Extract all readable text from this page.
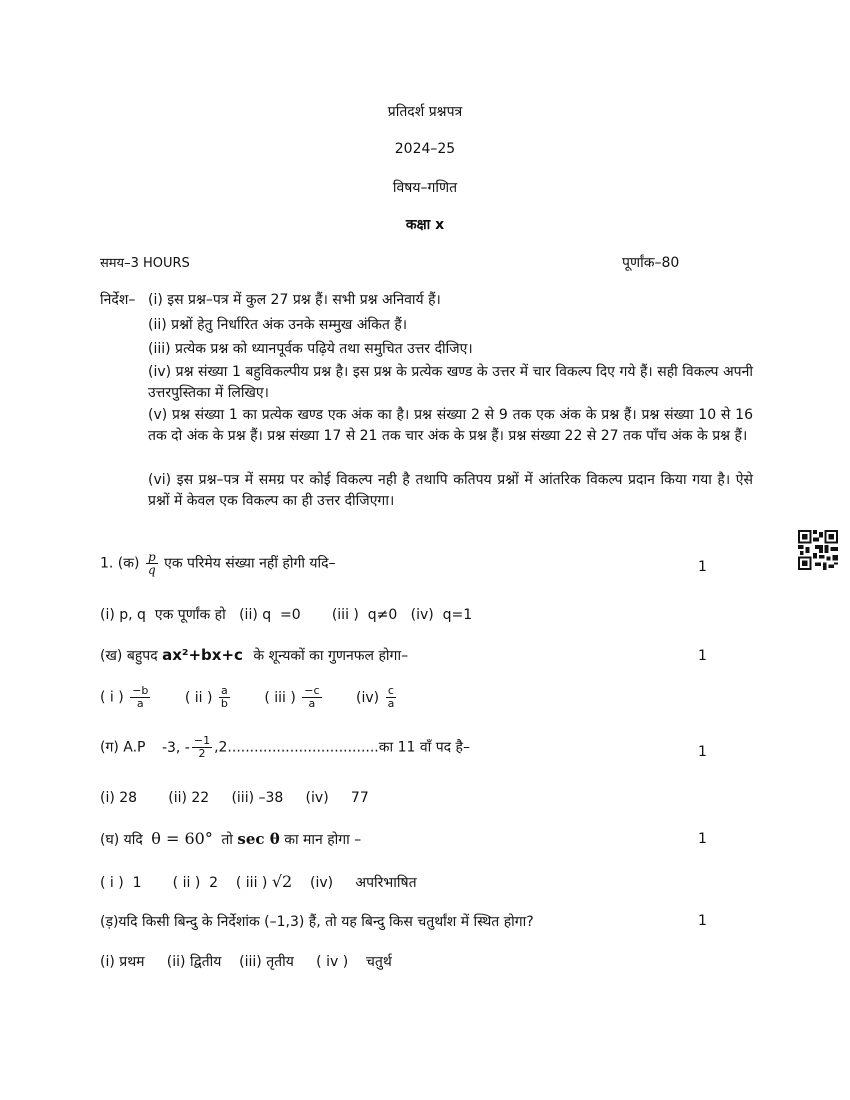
प्रतिदर्श प्रश्नपत्र
2024–25
विषय–गणित
कक्षा x
समय–3 HOURS	पूर्णांक–80
निर्देश– (i) इस प्रश्न–पत्र में कुल 27 प्रश्न हैं। सभी प्रश्न अनिवार्य हैं।
(ii) प्रश्नों हेतु निर्धारित अंक उनके सम्मुख अंकित हैं।
(iii) प्रत्येक प्रश्न को ध्यानपूर्वक पढ़िये तथा समुचित उत्तर दीजिए।
(iv) प्रश्न संख्या 1 बहुविकल्पीय प्रश्न है। इस प्रश्न के प्रत्येक खण्ड के उत्तर में चार विकल्प दिए गये हैं। सही विकल्प अपनी उत्तरपुस्तिका में लिखिए।
(v) प्रश्न संख्या 1 का प्रत्येक खण्ड एक अंक का है। प्रश्न संख्या 2 से 9 तक एक अंक के प्रश्न हैं। प्रश्न संख्या 10 से 16 तक दो अंक के प्रश्न हैं। प्रश्न संख्या 17 से 21 तक चार अंक के प्रश्न हैं। प्रश्न संख्या 22 से 27 तक पाँच अंक के प्रश्न हैं।
(vi) इस प्रश्न–पत्र में समग्र पर कोई विकल्प नही है तथापि कतिपय प्रश्नों में आंतरिक विकल्प प्रदान किया गया है। ऐसे प्रश्नों में केवल एक विकल्प का ही उत्तर दीजिएगा।
1. (क) $\frac{p}{q}$ एक परिमेय संख्या नहीं होगी यदि–	1
(i) p, q  एक पूर्णांक हो   (ii) q  =0       (iii )  q≠0   (iv)  q=1
(ख) बहुपद ax²+bx+c के शून्यकों का गुणनफल होगा–	1
( i ) $\frac{-b}{a}$ ( ii ) $\frac{a}{b}$ ( iii ) $\frac{-c}{a} (iv) \frac{c}{a}$
(ग) A.P -3, - $\frac{-1}{2}$ ,2..................................का 11 वाँ पद है–	1
(i) 28       (ii) 22     (iii) –38     (iv)     77
(घ) यदि θ = 60° तो sec θ का मान होगा –	1
( i )  1       ( ii )  2    ( iii ) √2 (iv)     अपरिभाषित
(ड़)यदि किसी बिन्दु के निर्देशांक (–1,3) हैं, तो यह बिन्दु किस चतुर्थांश में स्थित होगा?	1
(i) प्रथम     (ii) द्वितीय    (iii) तृतीय     ( iv )    चतुर्थ
